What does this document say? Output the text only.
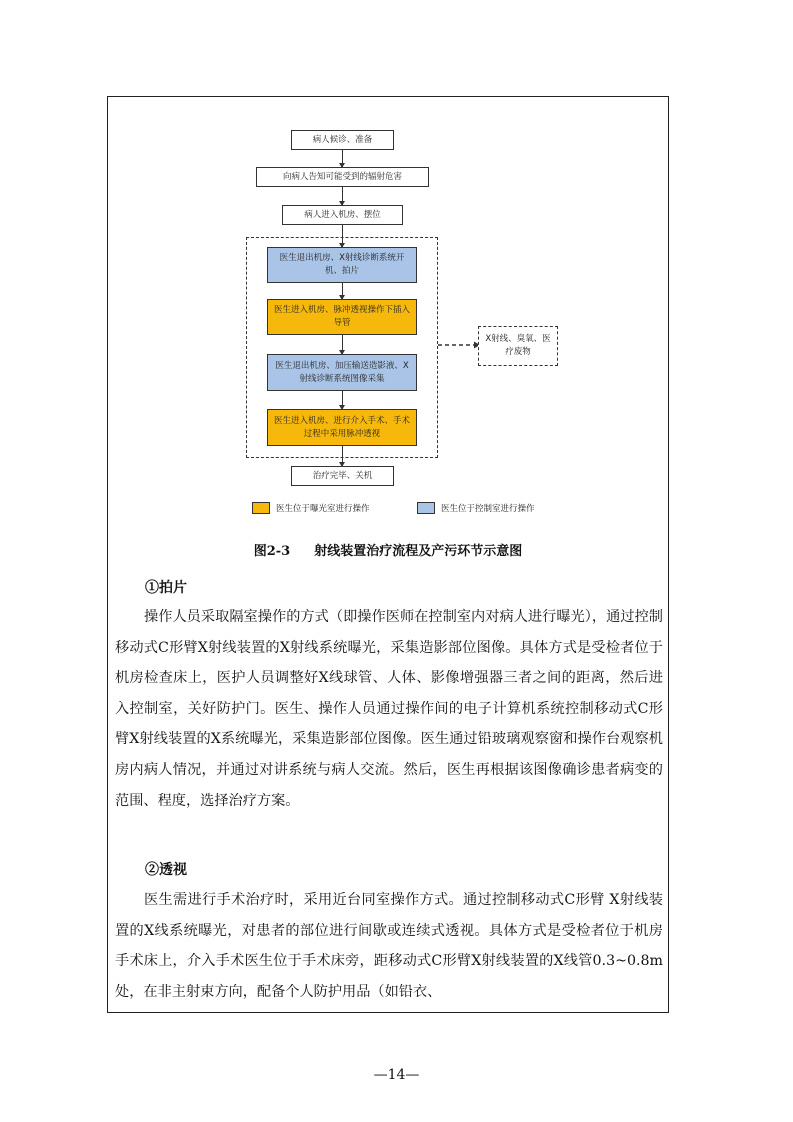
病人候诊、准备
向病人告知可能受到的辐射危害
病人进入机房、摆位
医生退出机房、X射线诊断系统开机、拍片
医生进入机房、脉冲透视操作下插入导管
医生退出机房、加压输送造影液、X射线诊断系统图像采集
医生进入机房、进行介入手术、手术过程中采用脉冲透视
治疗完毕、关机
X射线、臭氧、医疗废物
医生位于曝光室进行操作	医生位于控制室进行操作
图2-3 射线装置治疗流程及产污环节示意图
①拍片

操作人员采取隔室操作的方式（即操作医师在控制室内对病人进行曝光），通过控制移动式C形臂X射线装置的X射线系统曝光，采集造影部位图像。具体方式是受检者位于机房检查床上，医护人员调整好X线球管、人体、影像增强器三者之间的距离，然后进入控制室，关好防护门。医生、操作人员通过操作间的电子计算机系统控制移动式C形臂X射线装置的X系统曝光，采集造影部位图像。医生通过铅玻璃观察窗和操作台观察机房内病人情况，并通过对讲系统与病人交流。然后，医生再根据该图像确诊患者病变的范围、程度，选择治疗方案。

②透视

医生需进行手术治疗时，采用近台同室操作方式。通过控制移动式C形臂 X射线装置的X线系统曝光，对患者的部位进行间歇或连续式透视。具体方式是受检者位于机房手术床上，介入手术医生位于手术床旁，距移动式C形臂X射线装置的X线管0.3~0.8m处，在非主射束方向，配备个人防护用品（如铅衣、

—14—
